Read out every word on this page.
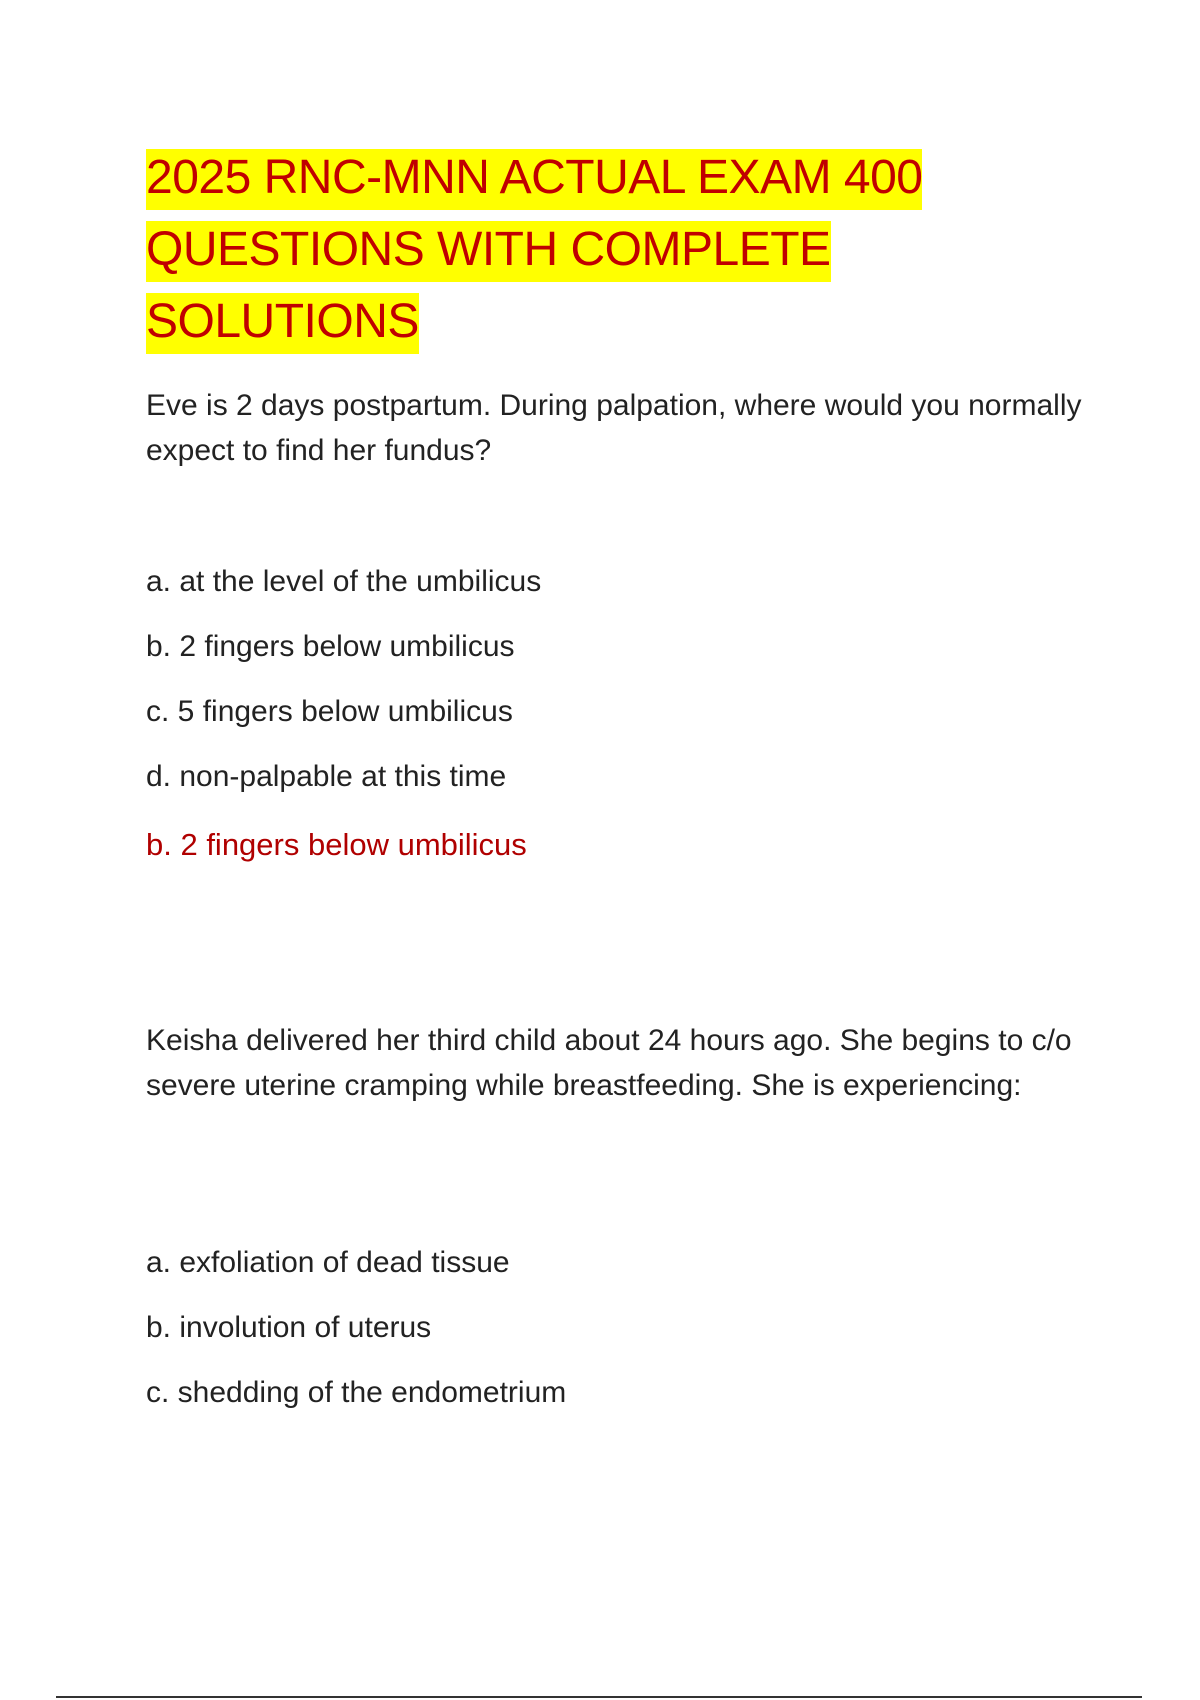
2025 RNC-MNN ACTUAL EXAM 400
QUESTIONS WITH COMPLETE
SOLUTIONS

Eve is 2 days postpartum. During palpation, where would you normally expect to find her fundus?

a. at the level of the umbilicus
b. 2 fingers below umbilicus
c. 5 fingers below umbilicus
d. non-palpable at this time

b. 2 fingers below umbilicus

Keisha delivered her third child about 24 hours ago. She begins to c/o severe uterine cramping while breastfeeding. She is experiencing:

a. exfoliation of dead tissue
b. involution of uterus
c. shedding of the endometrium
